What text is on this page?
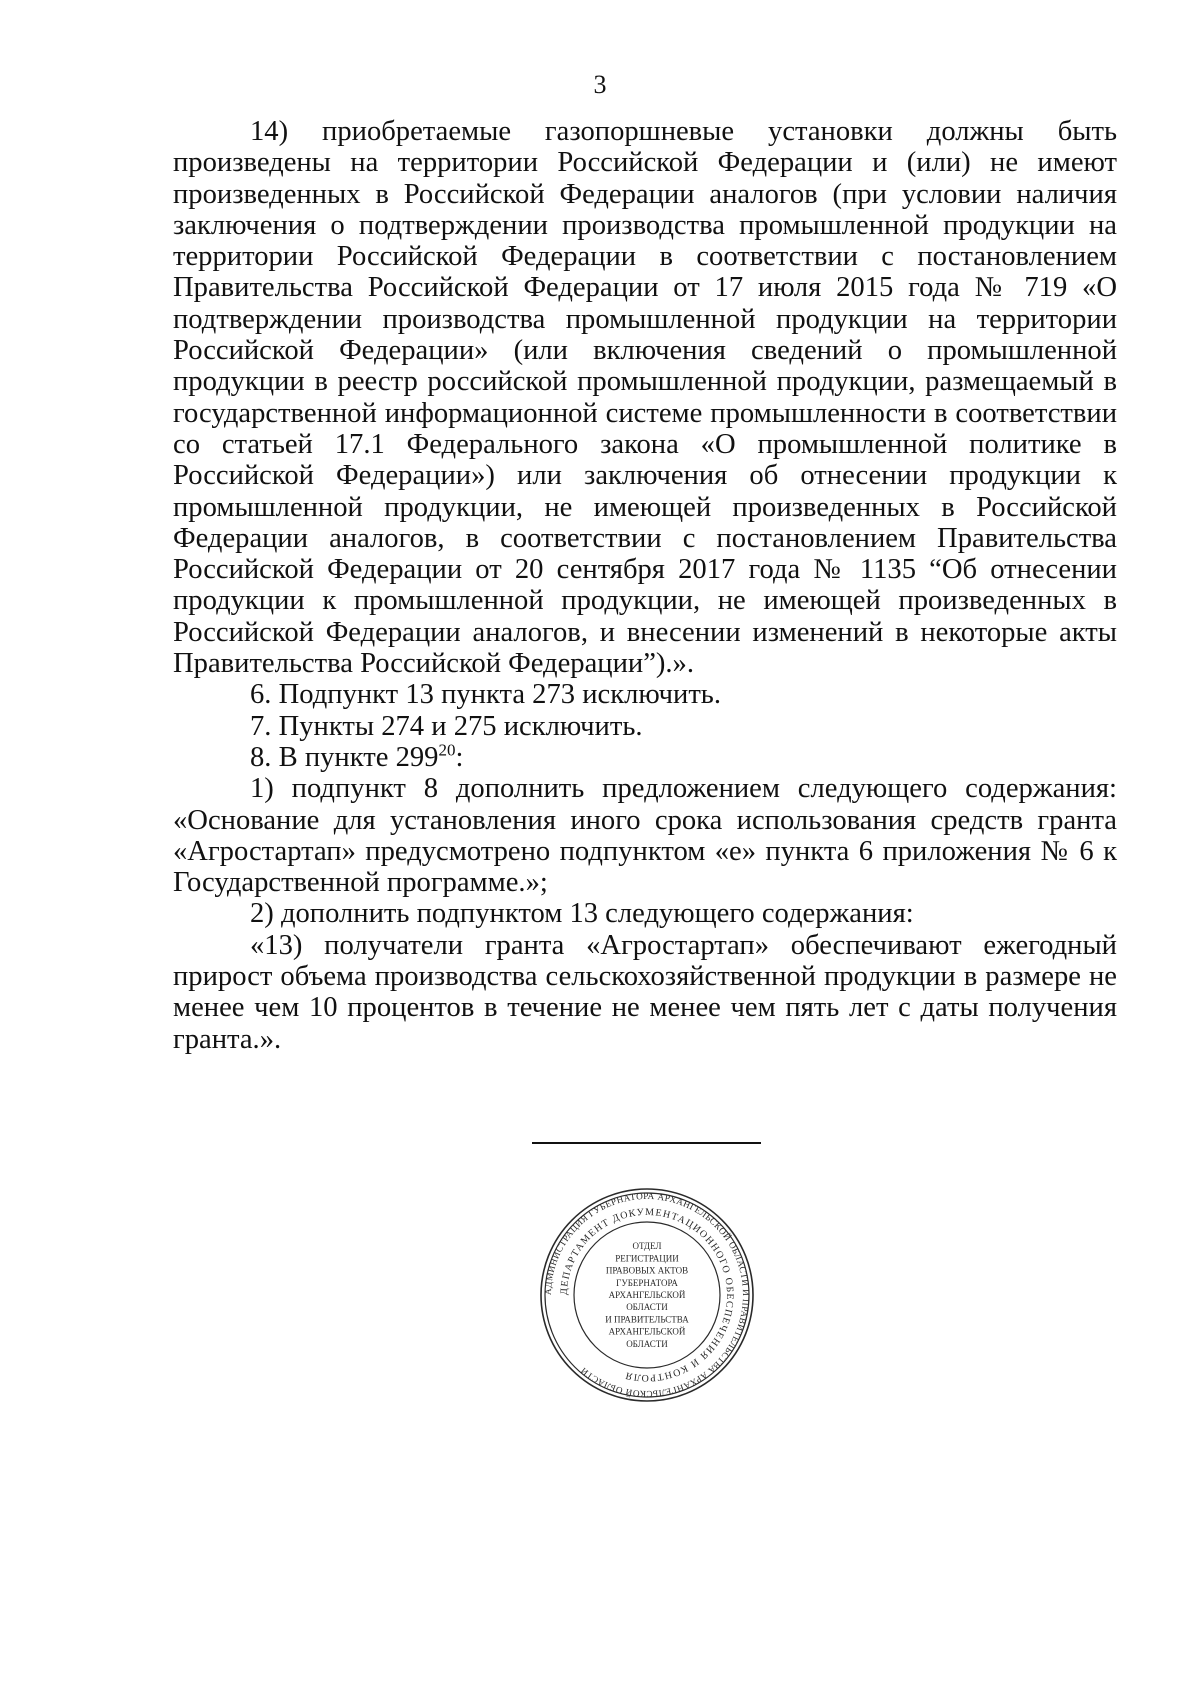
3

14) приобретаемые газопоршневые установки должны быть произведены на территории Российской Федерации и (или) не имеют произведенных в Российской Федерации аналогов (при условии наличия заключения о подтверждении производства промышленной продукции на территории Российской Федерации в соответствии с постановлением Правительства Российской Федерации от 17 июля 2015 года № 719 «О подтверждении производства промышленной продукции на территории Российской Федерации» (или включения сведений о промышленной продукции в реестр российской промышленной продукции, размещаемый в государственной информационной системе промышленности в соответствии со статьей 17.1 Федерального закона «О промышленной политике в Российской Федерации») или заключения об отнесении продукции к промышленной продукции, не имеющей произведенных в Российской Федерации аналогов, в соответствии с постановлением Правительства Российской Федерации от 20 сентября 2017 года № 1135 “Об отнесении продукции к промышленной продукции, не имеющей произведенных в Российской Федерации аналогов, и внесении изменений в некоторые акты Правительства Российской Федерации”).».

6. Подпункт 13 пункта 273 исключить.

7. Пункты 274 и 275 исключить.

8. В пункте $299^{20}$:

1) подпункт 8 дополнить предложением следующего содержания: «Основание для установления иного срока использования средств гранта «Агростартап» предусмотрено подпунктом «е» пункта 6 приложения № 6 к Государственной программе.»;

2) дополнить подпунктом 13 следующего содержания:

«13) получатели гранта «Агростартап» обеспечивают ежегодный прирост объема производства сельскохозяйственной продукции в размере не менее чем 10 процентов в течение не менее чем пять лет с даты получения гранта.».

АДМИНИСТРАЦИЯ ГУБЕРНАТОРА АРХАНГЕЛЬСКОЙ ОБЛАСТИ И ПРАВИТЕЛЬСТВА АРХАНГЕЛЬСКОЙ ОБЛАСТИ
ДЕПАРТАМЕНТ ДОКУМЕНТАЦИОННОГО ОБЕСПЕЧЕНИЯ И КОНТРОЛЯ
ОТДЕЛ
РЕГИСТРАЦИИ
ПРАВОВЫХ АКТОВ
ГУБЕРНАТОРА
АРХАНГЕЛЬСКОЙ
ОБЛАСТИ
И ПРАВИТЕЛЬСТВА
АРХАНГЕЛЬСКОЙ
ОБЛАСТИ
